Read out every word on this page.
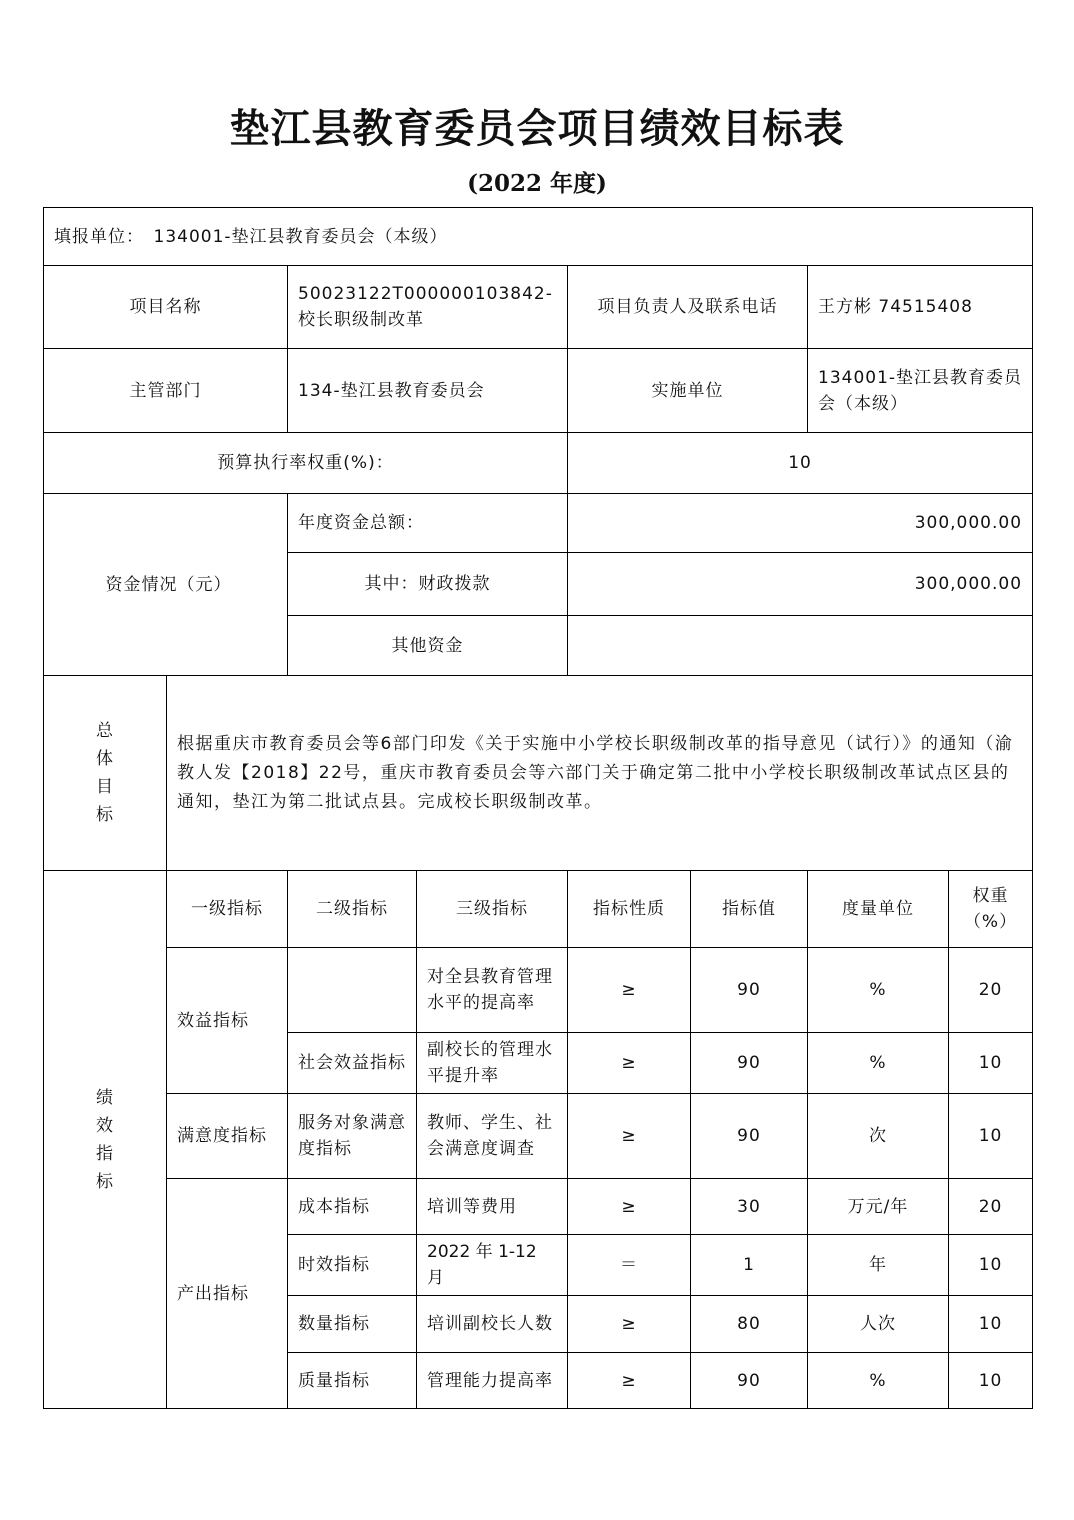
垫江县教育委员会项目绩效目标表
(2022 年度)
填报单位：　134001-垫江县教育委员会（本级）							
项目名称		50023122T000000103842-校长职级制改革		项目负责人及联系电话		王方彬 74515408	
主管部门		134-垫江县教育委员会		实施单位		134001-垫江县教育委员会（本级）	
预算执行率权重(%)：				10			
资金情况（元）		年度资金总额：		300,000.00			
		其中：财政拨款		300,000.00			
		其他资金					

总体目标	根据重庆市教育委员会等6部门印发《关于实施中小学校长职级制改革的指导意见（试行）》的通知（渝教人发【2018】22号，重庆市教育委员会等六部门关于确定第二批中小学校长职级制改革试点区县的通知，垫江为第二批试点县。完成校长职级制改革。						

绩效指标	一级指标	二级指标	三级指标	指标性质	指标值	度量单位	权重（%）
	效益指标		对全县教育管理水平的提高率	≥	90	%	20
		社会效益指标	副校长的管理水平提升率	≥	90	%	10
	满意度指标	服务对象满意度指标	教师、学生、社会满意度调查	≥	90	次	10
	产出指标	成本指标	培训等费用	≥	30	万元/年	20
		时效指标	2022 年 1-12 月	＝	1	年	10
		数量指标	培训副校长人数	≥	80	人次	10
		质量指标	管理能力提高率	≥	90	%	10
